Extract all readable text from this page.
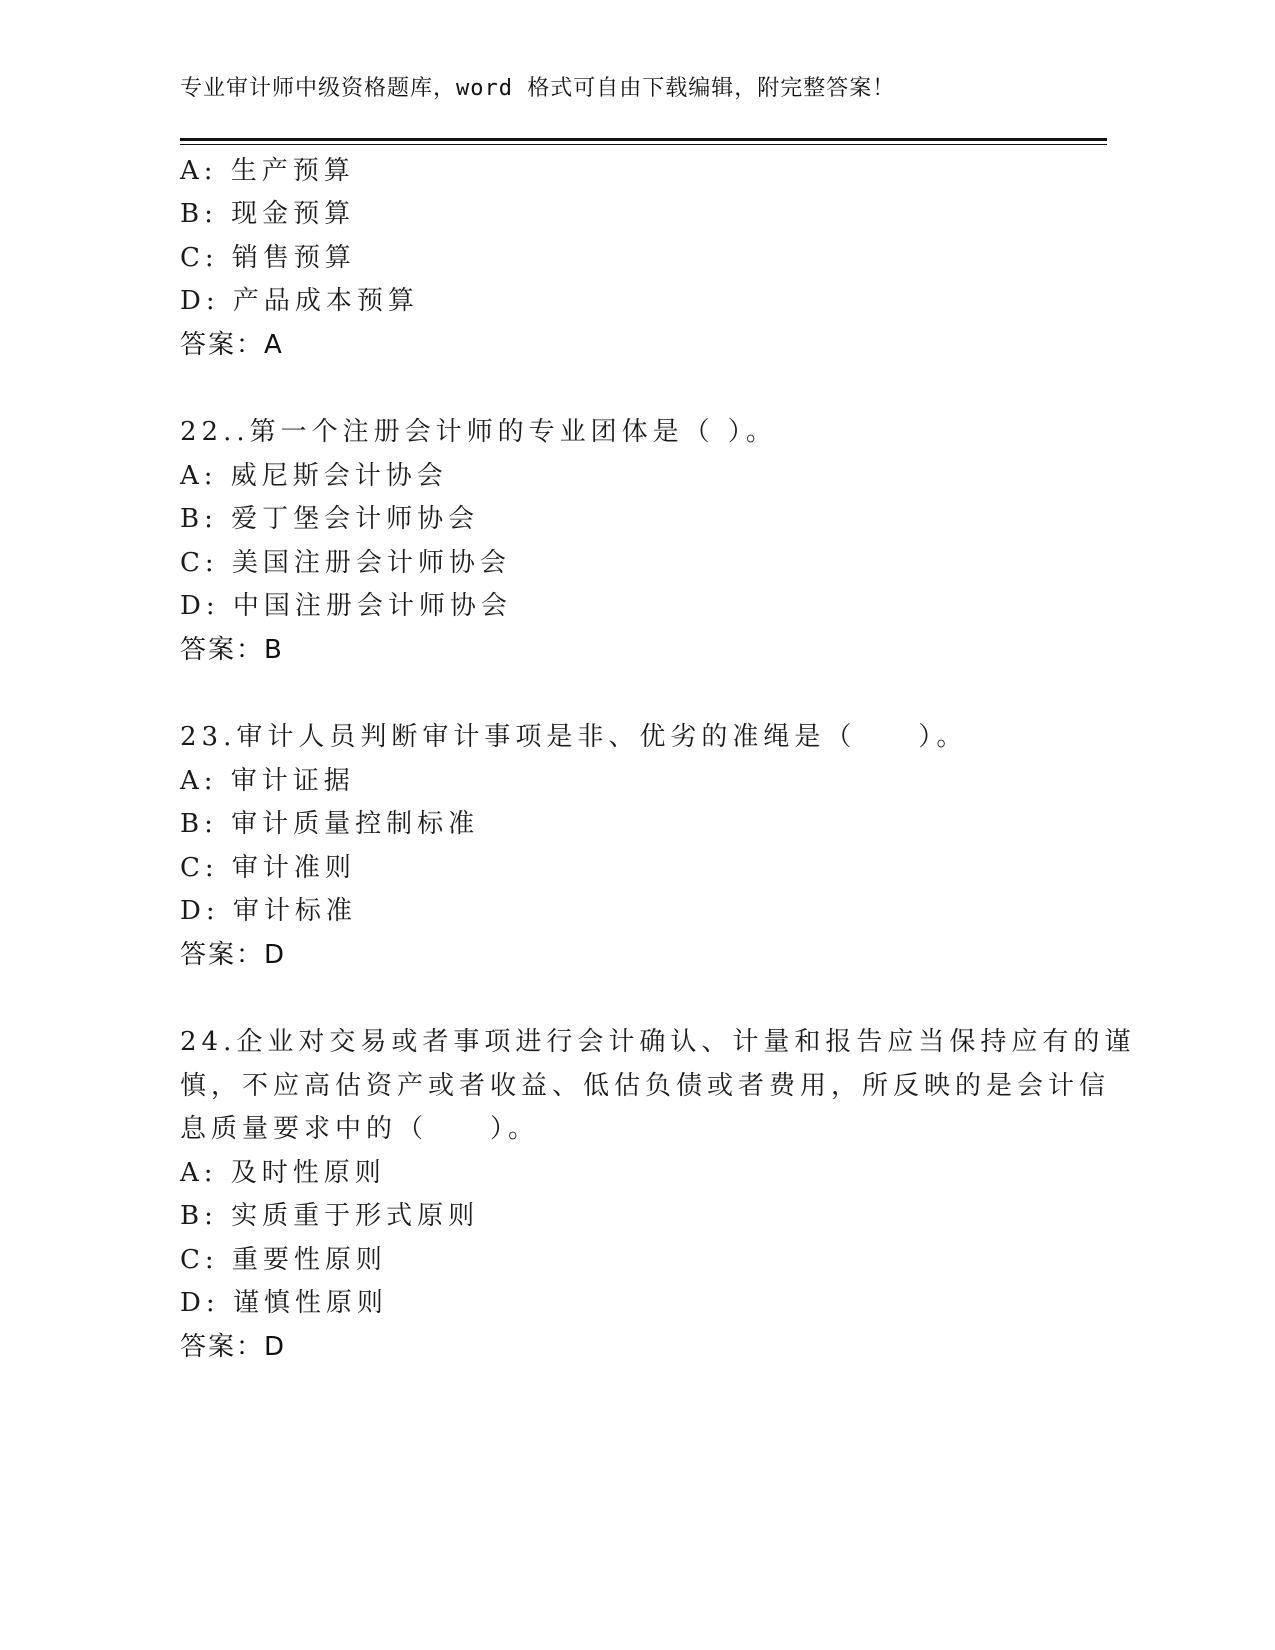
专业审计师中级资格题库，word 格式可自由下载编辑，附完整答案！
A: 生产预算
B: 现金预算
C: 销售预算
D: 产品成本预算
答案：A
22..第一个注册会计师的专业团体是（ ）。
A: 威尼斯会计协会
B: 爱丁堡会计师协会
C: 美国注册会计师协会
D: 中国注册会计师协会
答案：B
23.审计人员判断审计事项是非、优劣的准绳是（　　）。
A: 审计证据
B: 审计质量控制标准
C: 审计准则
D: 审计标准
答案：D
24.企业对交易或者事项进行会计确认、计量和报告应当保持应有的谨
慎，不应高估资产或者收益、低估负债或者费用，所反映的是会计信
息质量要求中的（　　）。
A: 及时性原则
B: 实质重于形式原则
C: 重要性原则
D: 谨慎性原则
答案：D
